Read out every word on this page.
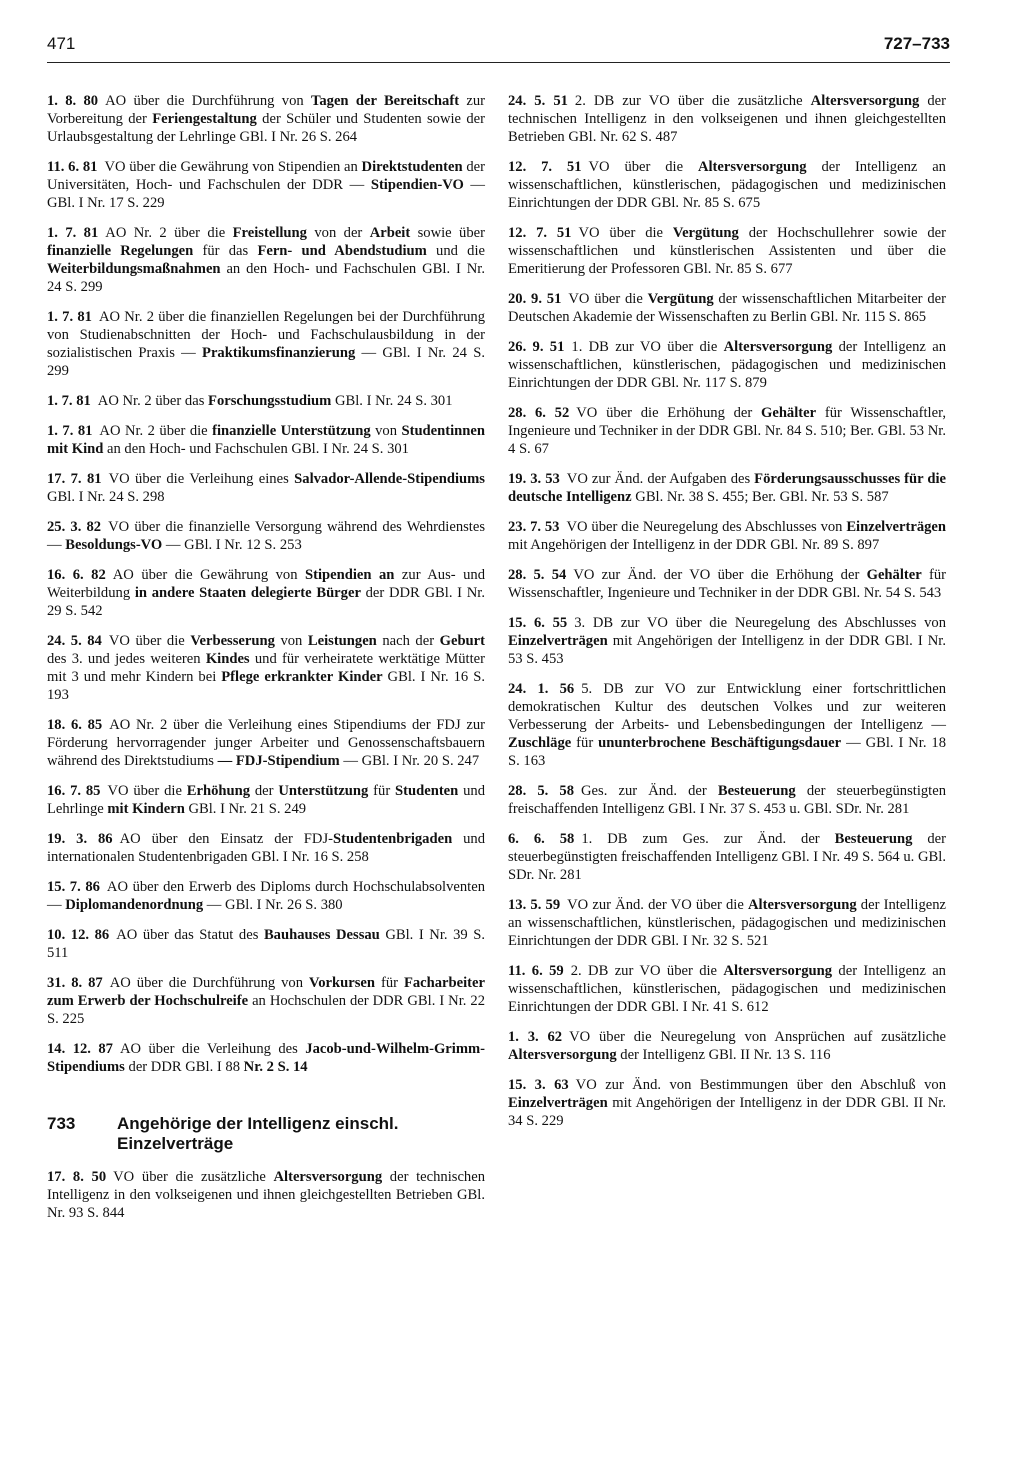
471	727–733

1. 8. 80 AO über die Durchführung von Tagen der Bereitschaft zur Vorbereitung der Feriengestaltung der Schüler und Studenten sowie der Urlaubsgestaltung der Lehrlinge GBl. I Nr. 26 S. 264

11. 6. 81 VO über die Gewährung von Stipendien an Direktstudenten der Universitäten, Hoch- und Fachschulen der DDR — Stipendien-VO — GBl. I Nr. 17 S. 229

1. 7. 81 AO Nr. 2 über die Freistellung von der Arbeit sowie über finanzielle Regelungen für das Fern- und Abendstudium und die Weiterbildungsmaßnahmen an den Hoch- und Fachschulen GBl. I Nr. 24 S. 299

1. 7. 81 AO Nr. 2 über die finanziellen Regelungen bei der Durchführung von Studienabschnitten der Hoch- und Fachschulausbildung in der sozialistischen Praxis — Praktikumsfinanzierung — GBl. I Nr. 24 S. 299

1. 7. 81 AO Nr. 2 über das Forschungsstudium GBl. I Nr. 24 S. 301

1. 7. 81 AO Nr. 2 über die finanzielle Unterstützung von Studentinnen mit Kind an den Hoch- und Fachschulen GBl. I Nr. 24 S. 301

17. 7. 81 VO über die Verleihung eines Salvador-Allende-Stipendiums GBl. I Nr. 24 S. 298

25. 3. 82 VO über die finanzielle Versorgung während des Wehrdienstes — Besoldungs-VO — GBl. I Nr. 12 S. 253

16. 6. 82 AO über die Gewährung von Stipendien an zur Aus- und Weiterbildung in andere Staaten delegierte Bürger der DDR GBl. I Nr. 29 S. 542

24. 5. 84 VO über die Verbesserung von Leistungen nach der Geburt des 3. und jedes weiteren Kindes und für verheiratete werktätige Mütter mit 3 und mehr Kindern bei Pflege erkrankter Kinder GBl. I Nr. 16 S. 193

18. 6. 85 AO Nr. 2 über die Verleihung eines Stipendiums der FDJ zur Förderung hervorragender junger Arbeiter und Genossenschaftsbauern während des Direktstudiums — FDJ-Stipendium — GBl. I Nr. 20 S. 247

16. 7. 85 VO über die Erhöhung der Unterstützung für Studenten und Lehrlinge mit Kindern GBl. I Nr. 21 S. 249

19. 3. 86 AO über den Einsatz der FDJ-Studentenbrigaden und internationalen Studentenbrigaden GBl. I Nr. 16 S. 258

15. 7. 86 AO über den Erwerb des Diploms durch Hochschulabsolventen — Diplomandenordnung — GBl. I Nr. 26 S. 380

10. 12. 86 AO über das Statut des Bauhauses Dessau GBl. I Nr. 39 S. 511

31. 8. 87 AO über die Durchführung von Vorkursen für Facharbeiter zum Erwerb der Hochschulreife an Hochschulen der DDR GBl. I Nr. 22 S. 225

14. 12. 87 AO über die Verleihung des Jacob-und-Wilhelm-Grimm-Stipendiums der DDR GBl. I 88 Nr. 2 S. 14

733	Angehörige der Intelligenz einschl. Einzelverträge

17. 8. 50 VO über die zusätzliche Altersversorgung der technischen Intelligenz in den volkseigenen und ihnen gleichgestellten Betrieben GBl. Nr. 93 S. 844

24. 5. 51 2. DB zur VO über die zusätzliche Altersversorgung der technischen Intelligenz in den volkseigenen und ihnen gleichgestellten Betrieben GBl. Nr. 62 S. 487

12. 7. 51 VO über die Altersversorgung der Intelligenz an wissenschaftlichen, künstlerischen, pädagogischen und medizinischen Einrichtungen der DDR GBl. Nr. 85 S. 675

12. 7. 51 VO über die Vergütung der Hochschullehrer sowie der wissenschaftlichen und künstlerischen Assistenten und über die Emeritierung der Professoren GBl. Nr. 85 S. 677

20. 9. 51 VO über die Vergütung der wissenschaftlichen Mitarbeiter der Deutschen Akademie der Wissenschaften zu Berlin GBl. Nr. 115 S. 865

26. 9. 51 1. DB zur VO über die Altersversorgung der Intelligenz an wissenschaftlichen, künstlerischen, pädagogischen und medizinischen Einrichtungen der DDR GBl. Nr. 117 S. 879

28. 6. 52 VO über die Erhöhung der Gehälter für Wissenschaftler, Ingenieure und Techniker in der DDR GBl. Nr. 84 S. 510; Ber. GBl. 53 Nr. 4 S. 67

19. 3. 53 VO zur Änd. der Aufgaben des Förderungsausschusses für die deutsche Intelligenz GBl. Nr. 38 S. 455; Ber. GBl. Nr. 53 S. 587

23. 7. 53 VO über die Neuregelung des Abschlusses von Einzelverträgen mit Angehörigen der Intelligenz in der DDR GBl. Nr. 89 S. 897

28. 5. 54 VO zur Änd. der VO über die Erhöhung der Gehälter für Wissenschaftler, Ingenieure und Techniker in der DDR GBl. Nr. 54 S. 543

15. 6. 55 3. DB zur VO über die Neuregelung des Abschlusses von Einzelverträgen mit Angehörigen der Intelligenz in der DDR GBl. I Nr. 53 S. 453

24. 1. 56 5. DB zur VO zur Entwicklung einer fortschrittlichen demokratischen Kultur des deutschen Volkes und zur weiteren Verbesserung der Arbeits- und Lebensbedingungen der Intelligenz — Zuschläge für ununterbrochene Beschäftigungsdauer — GBl. I Nr. 18 S. 163

28. 5. 58 Ges. zur Änd. der Besteuerung der steuerbegünstigten freischaffenden Intelligenz GBl. I Nr. 37 S. 453 u. GBl. SDr. Nr. 281

6. 6. 58 1. DB zum Ges. zur Änd. der Besteuerung der steuerbegünstigten freischaffenden Intelligenz GBl. I Nr. 49 S. 564 u. GBl. SDr. Nr. 281

13. 5. 59 VO zur Änd. der VO über die Altersversorgung der Intelligenz an wissenschaftlichen, künstlerischen, pädagogischen und medizinischen Einrichtungen der DDR GBl. I Nr. 32 S. 521

11. 6. 59 2. DB zur VO über die Altersversorgung der Intelligenz an wissenschaftlichen, künstlerischen, pädagogischen und medizinischen Einrichtungen der DDR GBl. I Nr. 41 S. 612

1. 3. 62 VO über die Neuregelung von Ansprüchen auf zusätzliche Altersversorgung der Intelligenz GBl. II Nr. 13 S. 116

15. 3. 63 VO zur Änd. von Bestimmungen über den Abschluß von Einzelverträgen mit Angehörigen der Intelligenz in der DDR GBl. II Nr. 34 S. 229
